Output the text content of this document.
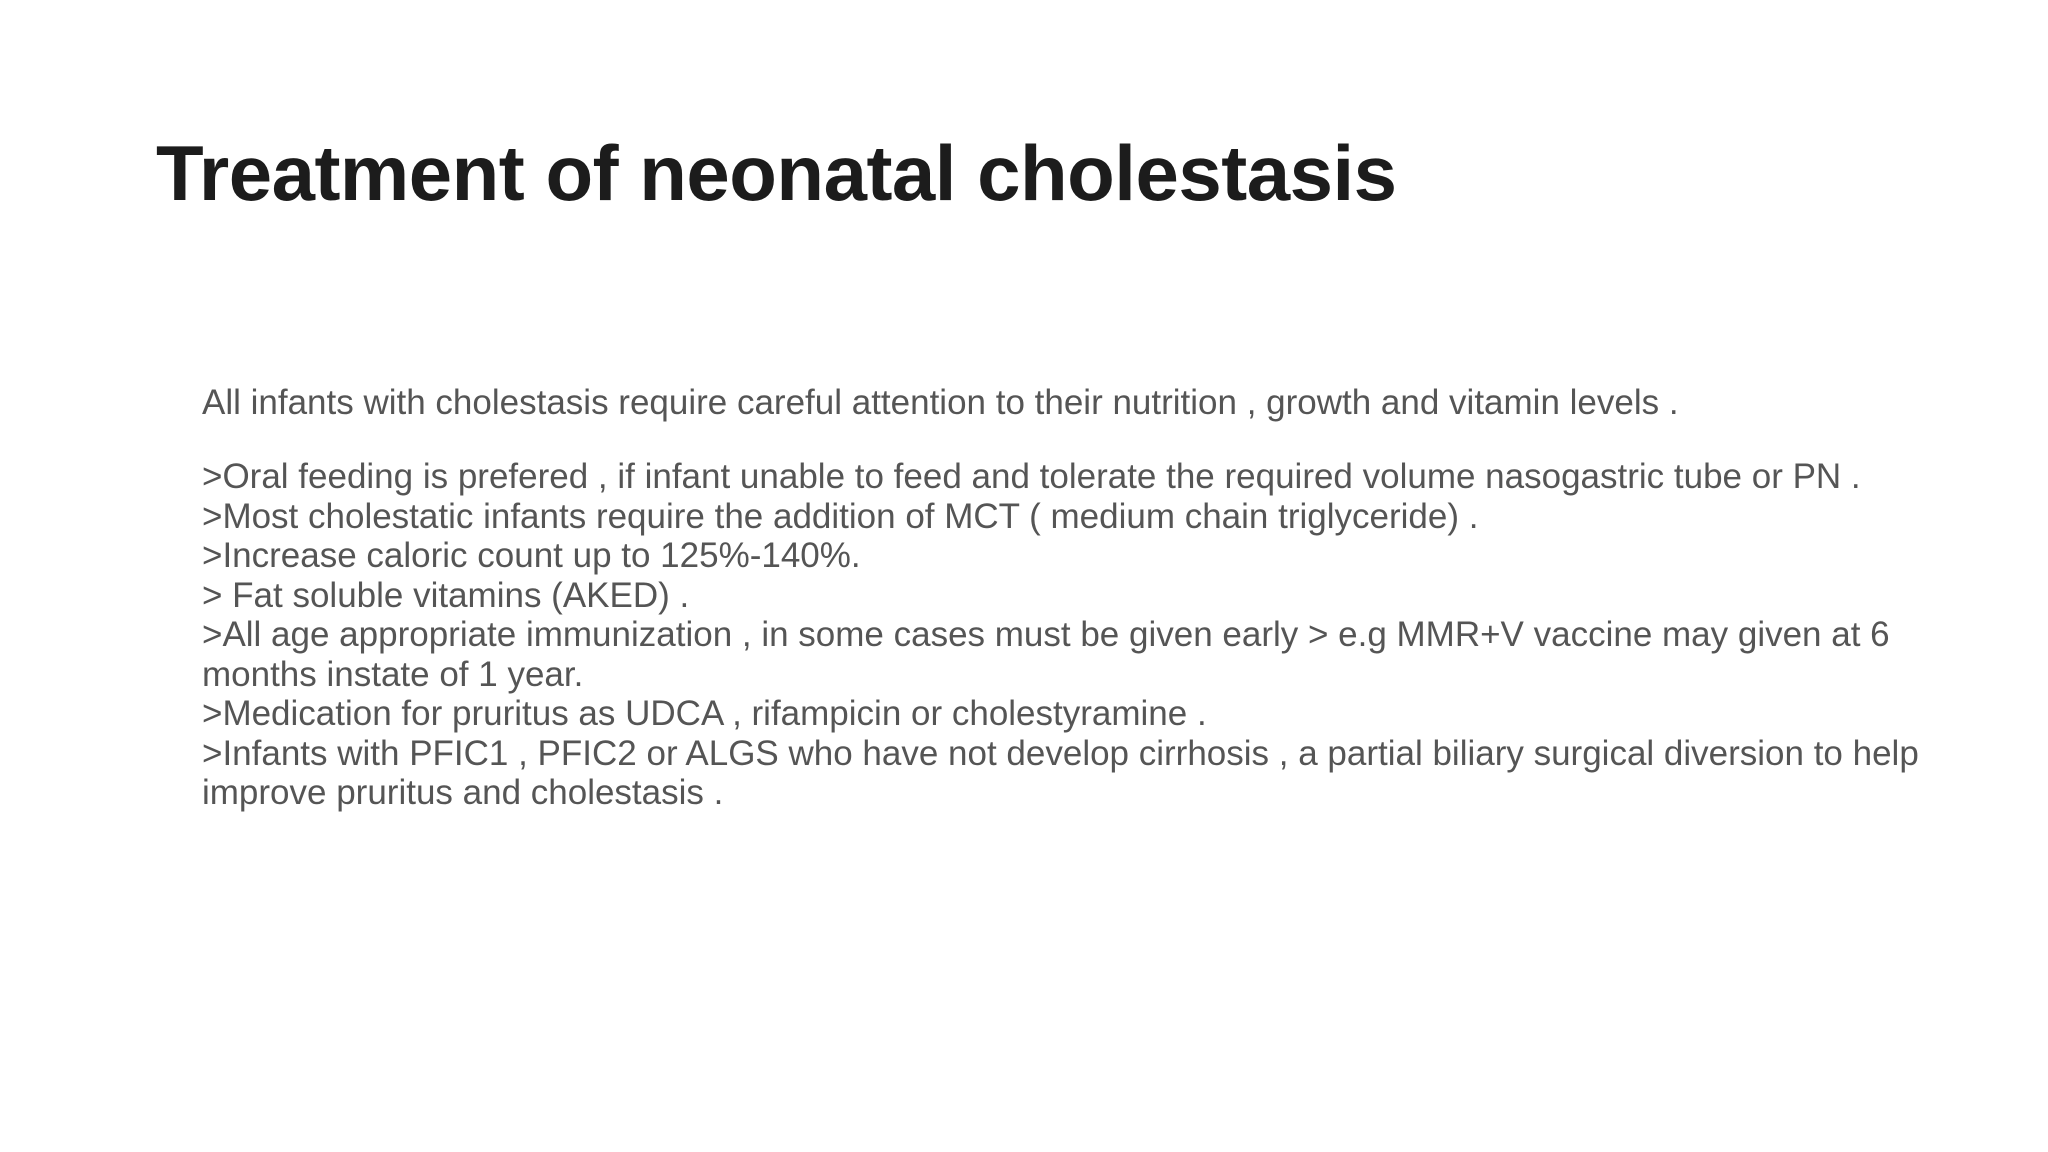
Treatment of neonatal cholestasis

All infants with cholestasis require careful attention to their nutrition , growth and vitamin levels .

>Oral feeding is prefered , if infant unable to feed and tolerate the required volume nasogastric tube or PN .

>Most cholestatic infants require the addition of MCT ( medium chain triglyceride) .

>Increase caloric count up to 125%-140%.

> Fat soluble vitamins (AKED) .

>All age appropriate immunization , in some cases must be given early > e.g MMR+V vaccine may given at 6 months instate of 1 year.

>Medication for pruritus as UDCA , rifampicin or cholestyramine .

>Infants with PFIC1 , PFIC2 or ALGS who have not develop cirrhosis , a partial biliary surgical diversion to help improve pruritus and cholestasis .
